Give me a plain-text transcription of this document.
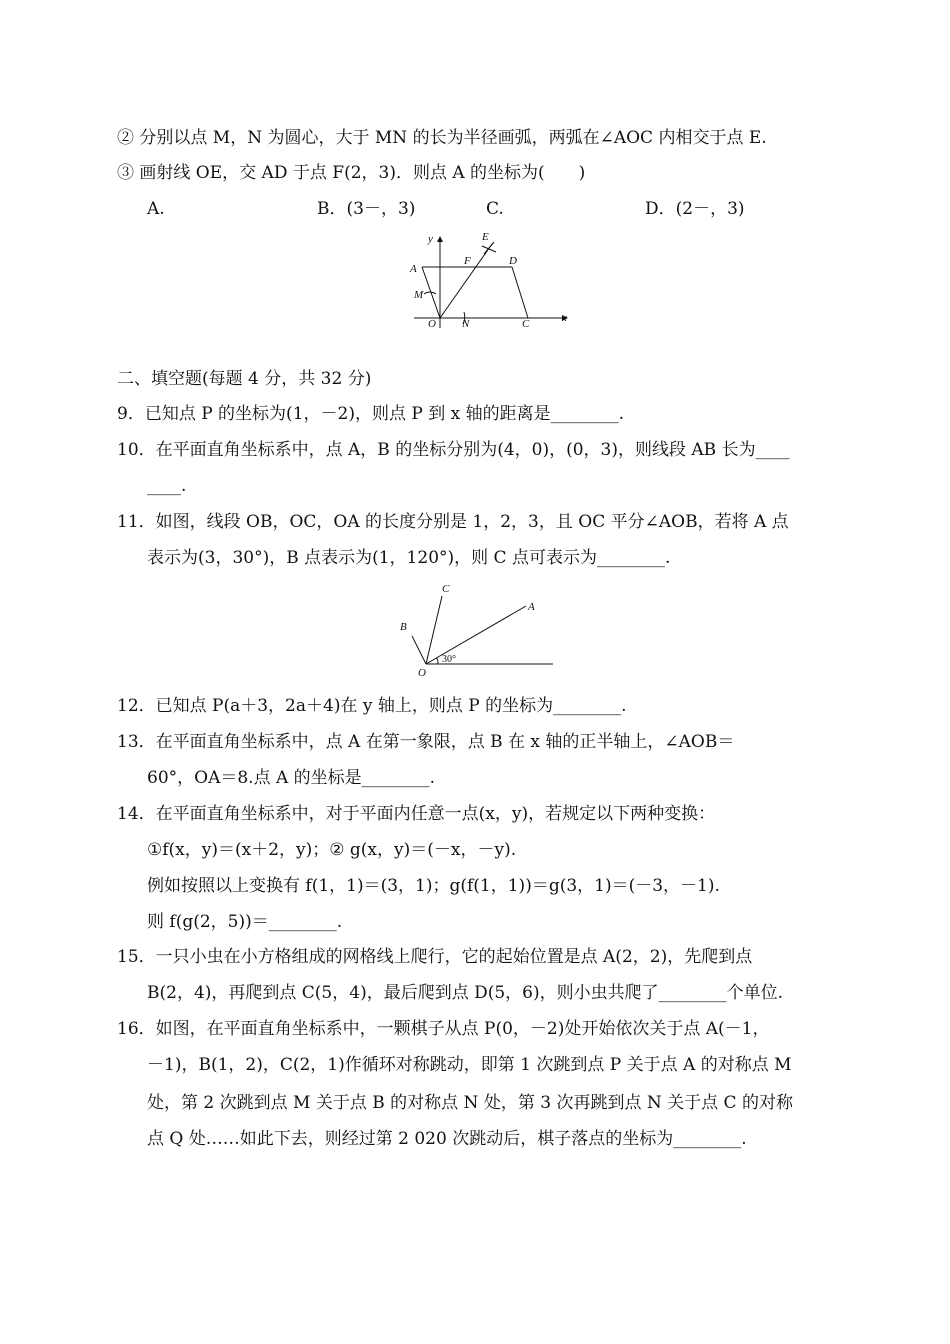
② 分别以点 M，N 为圆心，大于 MN 的长为半径画弧，两弧在∠AOC 内相交于点 E.
③ 画射线 OE，交 AD 于点 F(2，3)．则点 A 的坐标为(　　)
A.	B．(3－，3)	C.	D．(2－，3)
y	E
F	D
A
M
O N	C	x
二、填空题(每题 4 分，共 32 分)
9．已知点 P 的坐标为(1，－2)，则点 P 到 x 轴的距离是________.
10．在平面直角坐标系中，点 A，B 的坐标分别为(4，0)，(0，3)，则线段 AB 长为____
____.
11．如图，线段 OB，OC，OA 的长度分别是 1，2，3，且 OC 平分∠AOB，若将 A 点
表示为(3，30°)，B 点表示为(1，120°)，则 C 点可表示为________.
C
A
B
O
30°
12．已知点 P(a＋3，2a＋4)在 y 轴上，则点 P 的坐标为________.
13．在平面直角坐标系中，点 A 在第一象限，点 B 在 x 轴的正半轴上，∠AOB＝
60°，OA＝8.点 A 的坐标是________.
14．在平面直角坐标系中，对于平面内任意一点(x，y)，若规定以下两种变换：
①f(x，y)＝(x＋2，y)；② g(x，y)＝(－x，－y).
例如按照以上变换有 f(1，1)＝(3，1)；g(f(1，1))＝g(3，1)＝(－3，－1).
则 f(g(2，5))＝________.
15．一只小虫在小方格组成的网格线上爬行，它的起始位置是点 A(2，2)，先爬到点
B(2，4)，再爬到点 C(5，4)，最后爬到点 D(5，6)，则小虫共爬了________个单位.
16．如图，在平面直角坐标系中，一颗棋子从点 P(0，－2)处开始依次关于点 A(－1，
－1)，B(1，2)，C(2，1)作循环对称跳动，即第 1 次跳到点 P 关于点 A 的对称点 M
处，第 2 次跳到点 M 关于点 B 的对称点 N 处，第 3 次再跳到点 N 关于点 C 的对称
点 Q 处……如此下去，则经过第 2 020 次跳动后，棋子落点的坐标为________.
